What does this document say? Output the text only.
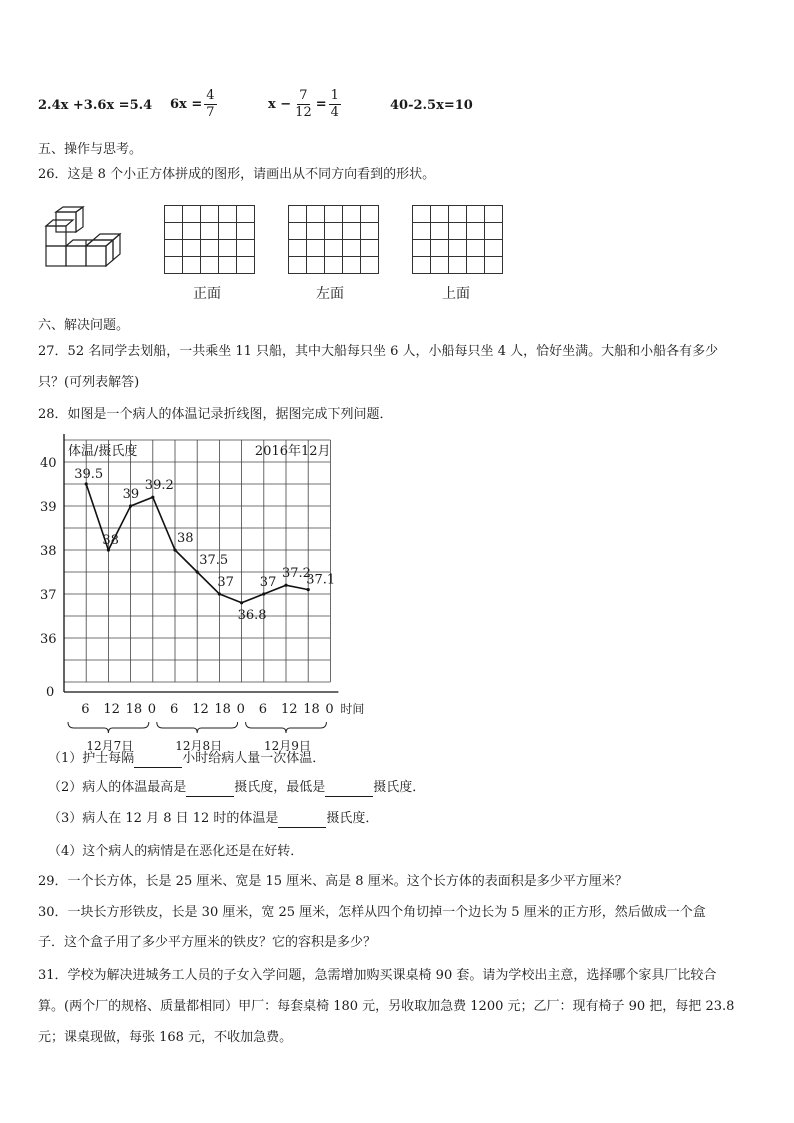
2.4x +3.6x =5.4 $6x = \frac{4}{7}$	$x - \frac{7}{12} = \frac{1}{4}$	40-2.5x=10
五、操作与思考。
26．这是 8 个小正方体拼成的图形，请画出从不同方向看到的形状。

正面	左面	上面
六、解决问题。
27．52 名同学去划船，一共乘坐 11 只船，其中大船每只坐 6 人，小船每只坐 4 人，恰好坐满。大船和小船各有多少
只？(可列表解答)
28．如图是一个病人的体温记录折线图，据图完成下列问题．
体温/摄氏度	2016年12月
40
39
38
37
36
0
6 12 18 0 6 12 18 0 6 12 18 0 时间
12月7日	12月8日	12月9日
39.5
38
39
39.2
38
37.5
37
36.8
37
37.2
37.1
（1）护士每隔	小时给病人量一次体温．
（2）病人的体温最高是	摄氏度，最低是	摄氏度．
（3）病人在 12 月 8 日 12 时的体温是	摄氏度．
（4）这个病人的病情是在恶化还是在好转．
29．一个长方体，长是 25 厘米、宽是 15 厘米、高是 8 厘米。这个长方体的表面积是多少平方厘米？
30．一块长方形铁皮，长是 30 厘米，宽 25 厘米，怎样从四个角切掉一个边长为 5 厘米的正方形，然后做成一个盒
子．这个盒子用了多少平方厘米的铁皮？它的容积是多少？
31．学校为解决进城务工人员的子女入学问题，急需增加购买课桌椅 90 套。请为学校出主意，选择哪个家具厂比较合
算。(两个厂的规格、质量都相同）甲厂：每套桌椅 180 元，另收取加急费 1200 元；乙厂：现有椅子 90 把，每把 23.8
元；课桌现做，每张 168 元，不收加急费。
